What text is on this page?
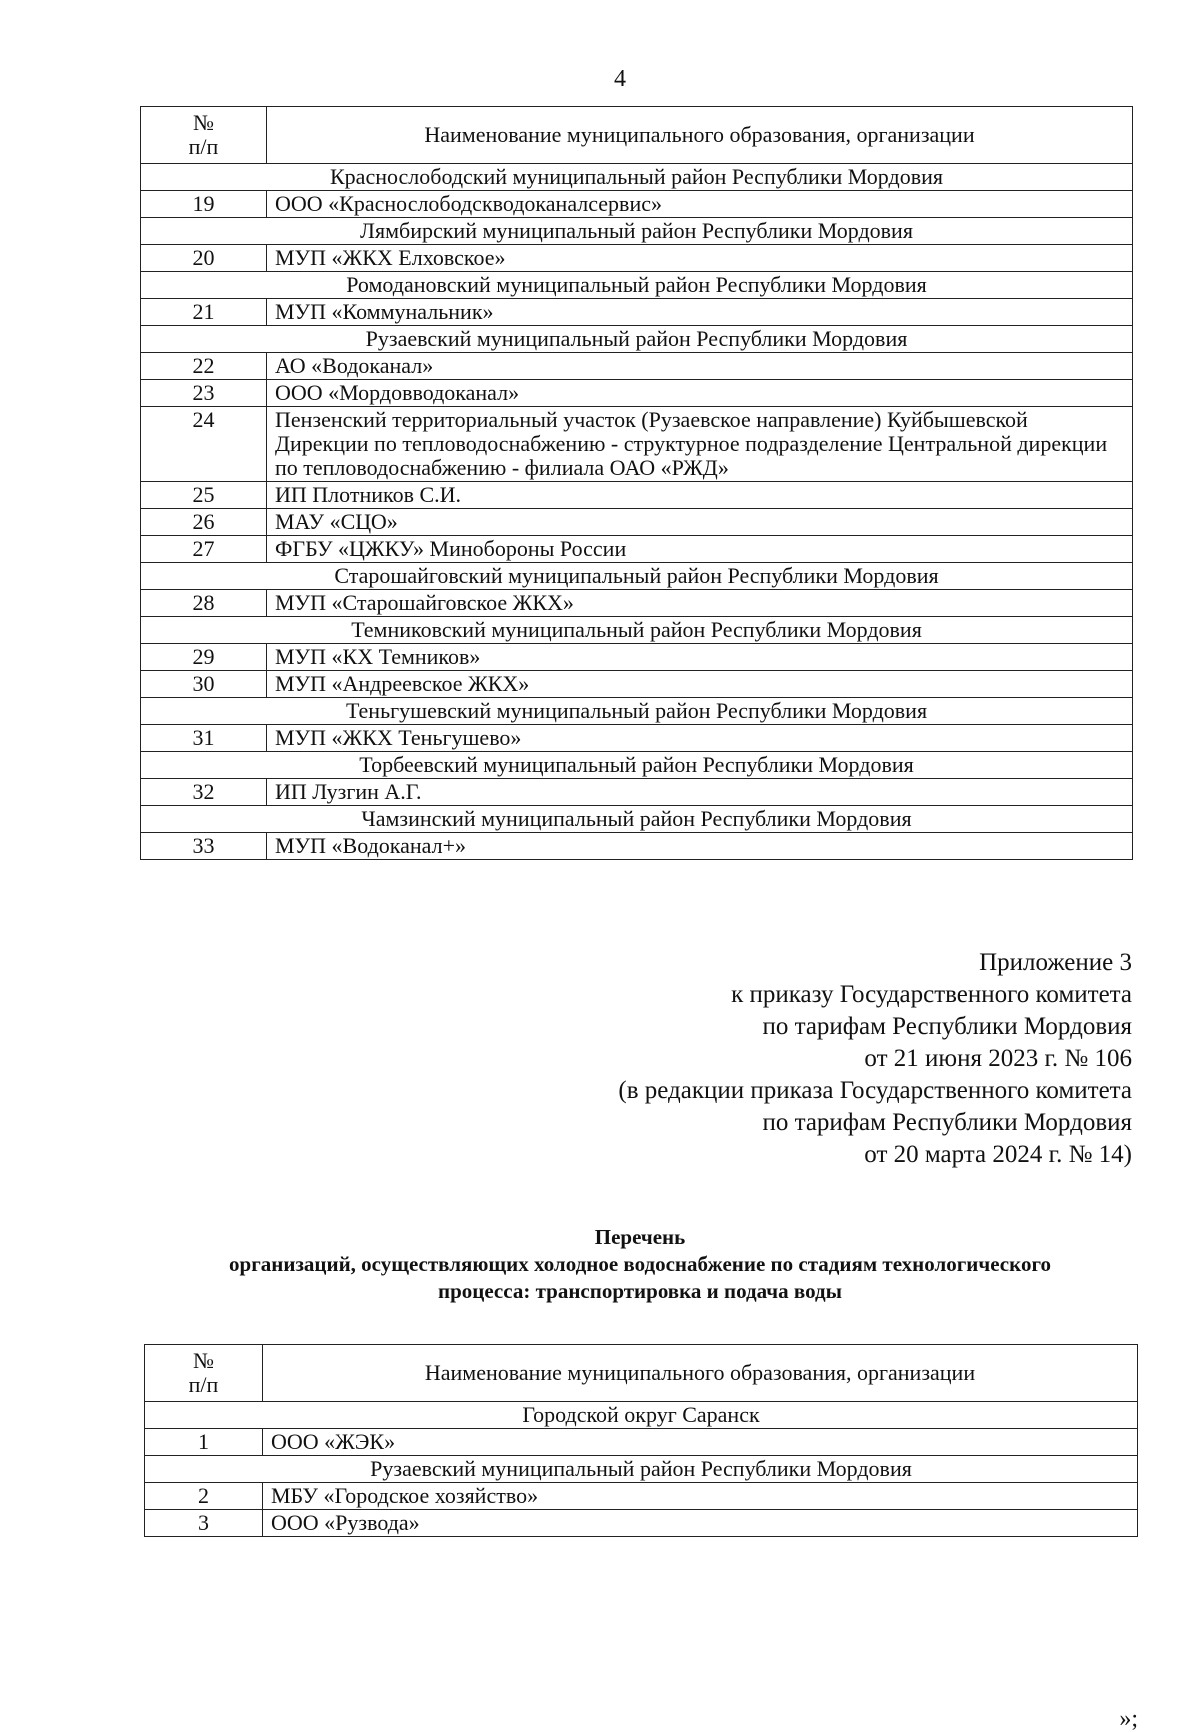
4
№
п/п	Наименование муниципального образования, организации
Краснослободский муниципальный район Республики Мордовия	
19	ООО «Краснослободскводоканалсервис»
Лямбирский муниципальный район Республики Мордовия	
20	МУП «ЖКХ Елховское»
Ромодановский муниципальный район Республики Мордовия	
21	МУП «Коммунальник»
Рузаевский муниципальный район Республики Мордовия	
22	АО «Водоканал»
23	ООО «Мордовводоканал»
24	Пензенский территориальный участок (Рузаевское направление) Куйбышевской Дирекции по тепловодоснабжению - структурное подразделение Центральной дирекции по тепловодоснабжению - филиала ОАО «РЖД»
25	ИП Плотников С.И.
26	МАУ «СЦО»
27	ФГБУ «ЦЖКУ» Минобороны России
Старошайговский муниципальный район Республики Мордовия	
28	МУП «Старошайговское ЖКХ»
Темниковский муниципальный район Республики Мордовия	
29	МУП «КХ Темников»
30	МУП «Андреевское ЖКХ»
Теньгушевский муниципальный район Республики Мордовия	
31	МУП «ЖКХ Теньгушево»
Торбеевский муниципальный район Республики Мордовия	
32	ИП Лузгин А.Г.
Чамзинский муниципальный район Республики Мордовия	
33	МУП «Водоканал+»
Приложение 3
к приказу Государственного комитета
по тарифам Республики Мордовия
от 21 июня 2023 г. № 106
(в редакции приказа Государственного комитета
по тарифам Республики Мордовия
от 20 марта 2024 г. № 14)
Перечень
организаций, осуществляющих холодное водоснабжение по стадиям технологического
процесса: транспортировка и подача воды
№
п/п	Наименование муниципального образования, организации
Городской округ Саранск	
1	ООО «ЖЭК»
Рузаевский муниципальный район Республики Мордовия	
2	МБУ «Городское хозяйство»
3	ООО «Рузвода»
»;
